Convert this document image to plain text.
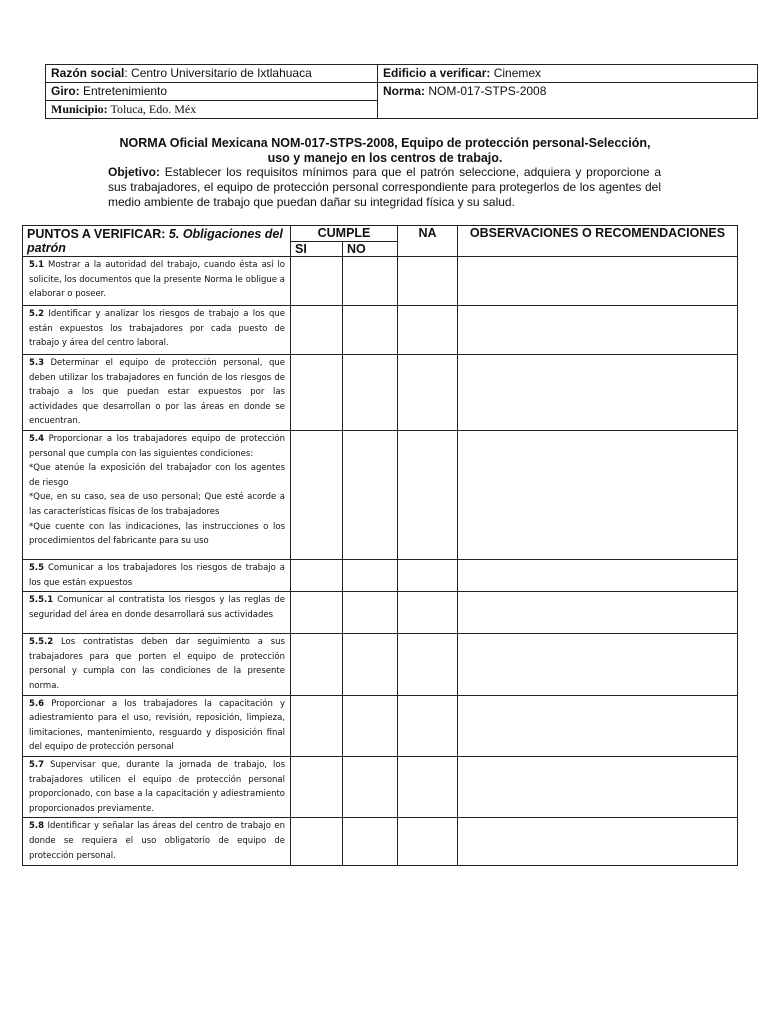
Razón social: Centro Universitario de Ixtlahuaca	Edificio a verificar: Cinemex
Giro: Entretenimiento	Norma: NOM-017-STPS-2008
Municipio: Toluca, Edo. Méx	
NORMA Oficial Mexicana NOM-017-STPS-2008, Equipo de protección personal-Selección,
uso y manejo en los centros de trabajo.
Objetivo: Establecer los requisitos mínimos para que el patrón seleccione, adquiera y proporcione a sus trabajadores, el equipo de protección personal correspondiente para protegerlos de los agentes del medio ambiente de trabajo que puedan dañar su integridad física y su salud.
PUNTOS A VERIFICAR: 5. Obligaciones del patrón	CUMPLE		NA	OBSERVACIONES O RECOMENDACIONES
	SI	NO		
5.1 Mostrar a la autoridad del trabajo, cuando ésta así lo solicite, los documentos que la presente Norma le obligue a elaborar o poseer.				
5.2 Identificar y analizar los riesgos de trabajo a los que están expuestos los trabajadores por cada puesto de trabajo y área del centro laboral.				
5.3 Determinar el equipo de protección personal, que deben utilizar los trabajadores en función de los riesgos de trabajo a los que puedan estar expuestos por las actividades que desarrollan o por las áreas en donde se encuentran.				
5.4 Proporcionar a los trabajadores equipo de protección personal que cumpla con las siguientes condiciones:
*Que atenúe la exposición del trabajador con los agentes de riesgo
*Que, en su caso, sea de uso personal; Que esté acorde a las características físicas de los trabajadores
*Que cuente con las indicaciones, las instrucciones o los procedimientos del fabricante para su uso				
5.5 Comunicar a los trabajadores los riesgos de trabajo a los que están expuestos				
5.5.1 Comunicar al contratista los riesgos y las reglas de seguridad del área en donde desarrollará sus actividades				
5.5.2 Los contratistas deben dar seguimiento a sus trabajadores para que porten el equipo de protección personal y cumpla con las condiciones de la presente norma.				
5.6 Proporcionar a los trabajadores la capacitación y adiestramiento para el uso, revisión, reposición, limpieza, limitaciones, mantenimiento, resguardo y disposición final del equipo de protección personal				
5.7 Supervisar que, durante la jornada de trabajo, los trabajadores utilicen el equipo de protección personal proporcionado, con base a la capacitación y adiestramiento proporcionados previamente.				
5.8 Identificar y señalar las áreas del centro de trabajo en donde se requiera el uso obligatorio de equipo de protección personal.				
